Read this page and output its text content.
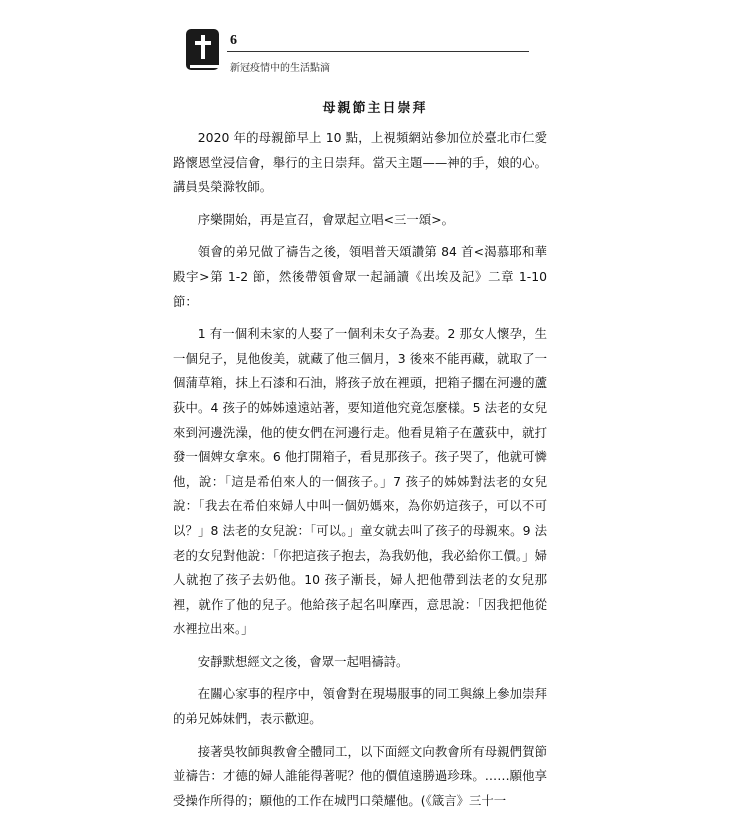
6
新冠疫情中的生活點滴
母親節主日崇拜

2020 年的母親節早上 10 點，上視頻網站參加位於臺北市仁愛路懷恩堂浸信會，舉行的主日崇拜。當天主題——神的手，娘的心。講員吳榮滁牧師。

序樂開始，再是宣召，會眾起立唱<三一頌>。

領會的弟兄做了禱告之後，領唱普天頌讚第 84 首<渴慕耶和華殿宇>第 1-2 節，然後帶領會眾一起誦讀《出埃及記》二章 1-10 節：

1 有一個利未家的人娶了一個利未女子為妻。2 那女人懷孕，生一個兒子，見他俊美，就藏了他三個月，3 後來不能再藏，就取了一個蒲草箱，抹上石漆和石油，將孩子放在裡頭，把箱子擱在河邊的蘆荻中。4 孩子的姊姊遠遠站著，要知道他究竟怎麼樣。5 法老的女兒來到河邊洗澡，他的使女們在河邊行走。他看見箱子在蘆荻中，就打發一個婢女拿來。6 他打開箱子，看見那孩子。孩子哭了，他就可憐他，說：「這是希伯來人的一個孩子。」7 孩子的姊姊對法老的女兒說：「我去在希伯來婦人中叫一個奶媽來，為你奶這孩子，可以不可以？」8 法老的女兒說：「可以。」童女就去叫了孩子的母親來。9 法老的女兒對他說：「你把這孩子抱去，為我奶他，我必給你工價。」婦人就抱了孩子去奶他。10 孩子漸長，婦人把他帶到法老的女兒那裡，就作了他的兒子。他給孩子起名叫摩西，意思說：「因我把他從水裡拉出來。」

安靜默想經文之後，會眾一起唱禱詩。

在關心家事的程序中，領會對在現場服事的同工與線上參加崇拜的弟兄姊妹們，表示歡迎。

接著吳牧師與教會全體同工，以下面經文向教會所有母親們賀節並禱告：才德的婦人誰能得著呢？他的價值遠勝過珍珠。……願他享受操作所得的；願他的工作在城門口榮耀他。(《箴言》三十一
